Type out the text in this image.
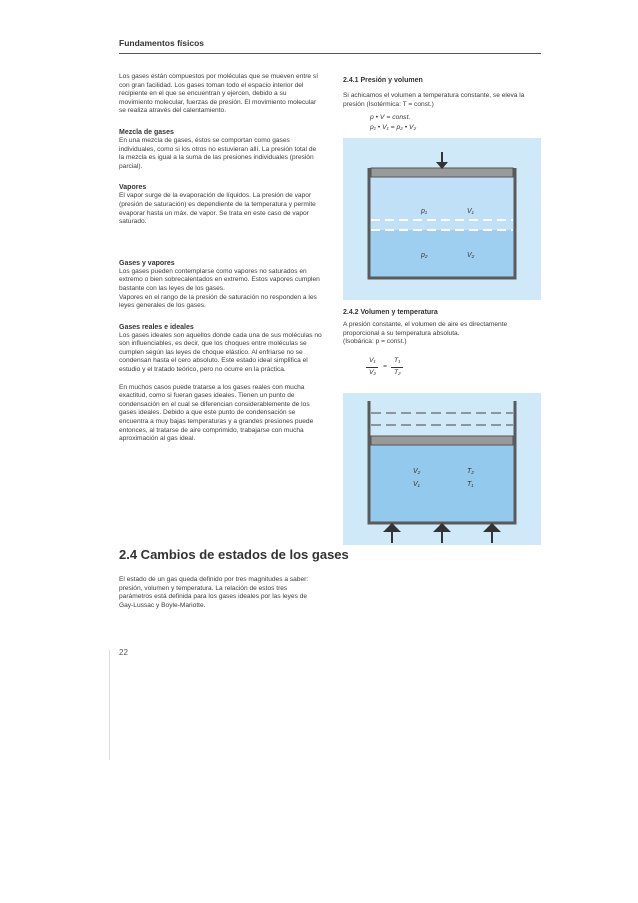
Fundamentos físicos

Los gases están compuestos por moléculas que se mueven entre sí con gran facilidad. Los gases toman todo el espacio interior del recipiente en el que se encuentran y ejercen, debido a su movimiento molecular, fuerzas de presión. El movimiento molecular se realiza através del calentamiento.

Mezcla de gases

En una mezcla de gases, éstos se comportan como gases individuales, como si los otros no estuvieran allí. La presión total de la mezcla es igual a la suma de las presiones individuales (presión parcial).

Vapores

El vapor surge de la evaporación de líquidos. La presión de vapor (presión de saturación) es dependiente de la temperatura y permite evaporar hasta un máx. de vapor. Se trata en este caso de vapor saturado.

Gases y vapores

Los gases pueden contemplarse como vapores no saturados en extremo o bien sobrecalentados en extremo. Estos vapores cumplen bastante con las leyes de los gases.

Vapores en el rango de la presión de saturación no responden a les leyes generales de los gases.

Gases reales e ideales

Los gases ideales son aquellos donde cada una de sus moléculas no son influenciables, es decir, que los choques entre moléculas se cumplen según las leyes de choque elástico. Al enfriarse no se condensan hasta el cero absoluto. Este estado ideal simplifica el estudio y el tratado teórico, pero no ocurre en la práctica.

En muchos casos puede tratarse a los gases reales con mucha exactitud, como si fueran gases ideales. Tienen un punto de condensación en el cual se diferencian considerablemente de los gases ideales. Debido a que este punto de condensación se encuentra a muy bajas temperaturas y a grandes presiones puede entonces, al tratarse de aire comprimido, trabajarse con mucha aproximación al gas ideal.

2.4 Cambios de estados de los gases

El estado de un gas queda definido por tres magnitudes a saber: presión, volumen y temperatura. La relación de estos tres parámetros está definida para los gases ideales por las leyes de Gay-Lussac y Boyle-Mariotte.

22
2.4.1 Presión y volumen

Si achicamos el volumen a temperatura constante, se eleva la presión (Isotérmica: T = const.)

p • V = const.
p₁ • V₁ = p₂ • V₂
p₁	V₁
p₂	V₂
2.4.2 Volumen y temperatura

A presión constante, el volumen de aire es directamente proporcional a su temperatura absoluta.

(Isobárica: p = const.)

V₁
V₂
=
T₁
T₂
V₂	T₂
V₁	T₁
